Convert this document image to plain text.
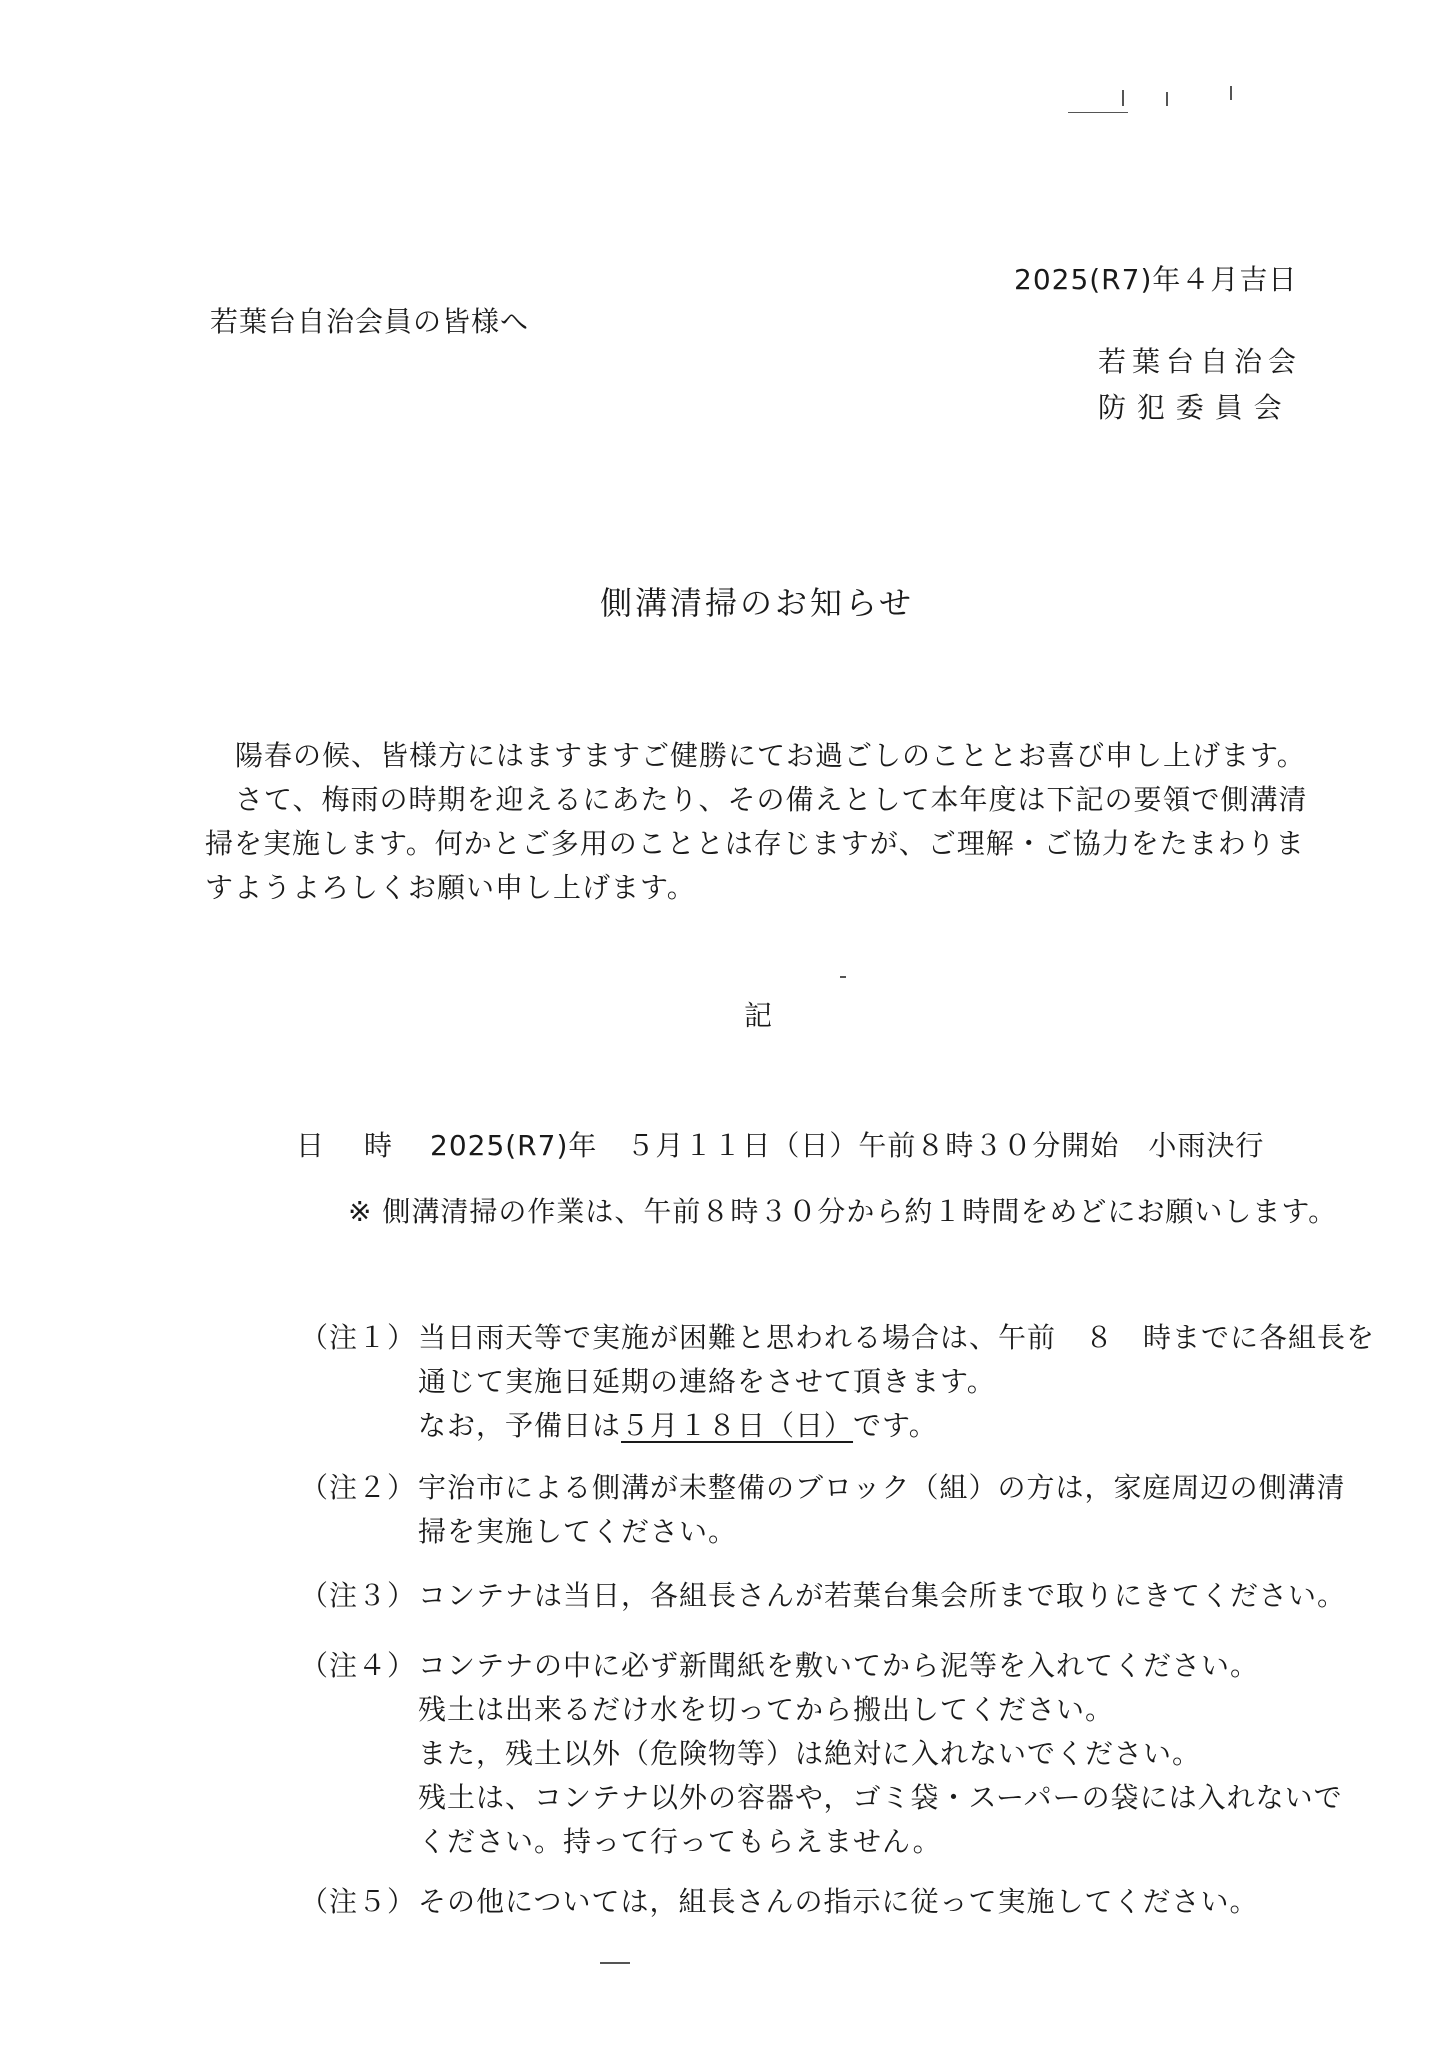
2025(R7)年４月吉日
若葉台自治会員の皆様へ
若葉台自治会
防 犯 委 員 会
側溝清掃のお知らせ

陽春の候、皆様方にはますますご健勝にてお過ごしのこととお喜び申し上げます。

さて、梅雨の時期を迎えるにあたり、その備えとして本年度は下記の要領で側溝清掃を実施します。何かとご多用のこととは存じますが、ご理解・ご協力をたまわりますようよろしくお願い申し上げます。

記
日　時 2025(R7)年　５月１１日（日）午前８時３０分開始　小雨決行
※ 側溝清掃の作業は、午前８時３０分から約１時間をめどにお願いします。
（注１） 当日雨天等で実施が困難と思われる場合は、午前　８　時までに各組長を
通じて実施日延期の連絡をさせて頂きます。
なお，予備日は５月１８日（日）です。
（注２） 宇治市による側溝が未整備のブロック（組）の方は，家庭周辺の側溝清
掃を実施してください。
（注３） コンテナは当日，各組長さんが若葉台集会所まで取りにきてください。
（注４） コンテナの中に必ず新聞紙を敷いてから泥等を入れてください。
残土は出来るだけ水を切ってから搬出してください。
また，残土以外（危険物等）は絶対に入れないでください。
残土は、コンテナ以外の容器や，ゴミ袋・スーパーの袋には入れないで
ください。持って行ってもらえません。
（注５） その他については，組長さんの指示に従って実施してください。
